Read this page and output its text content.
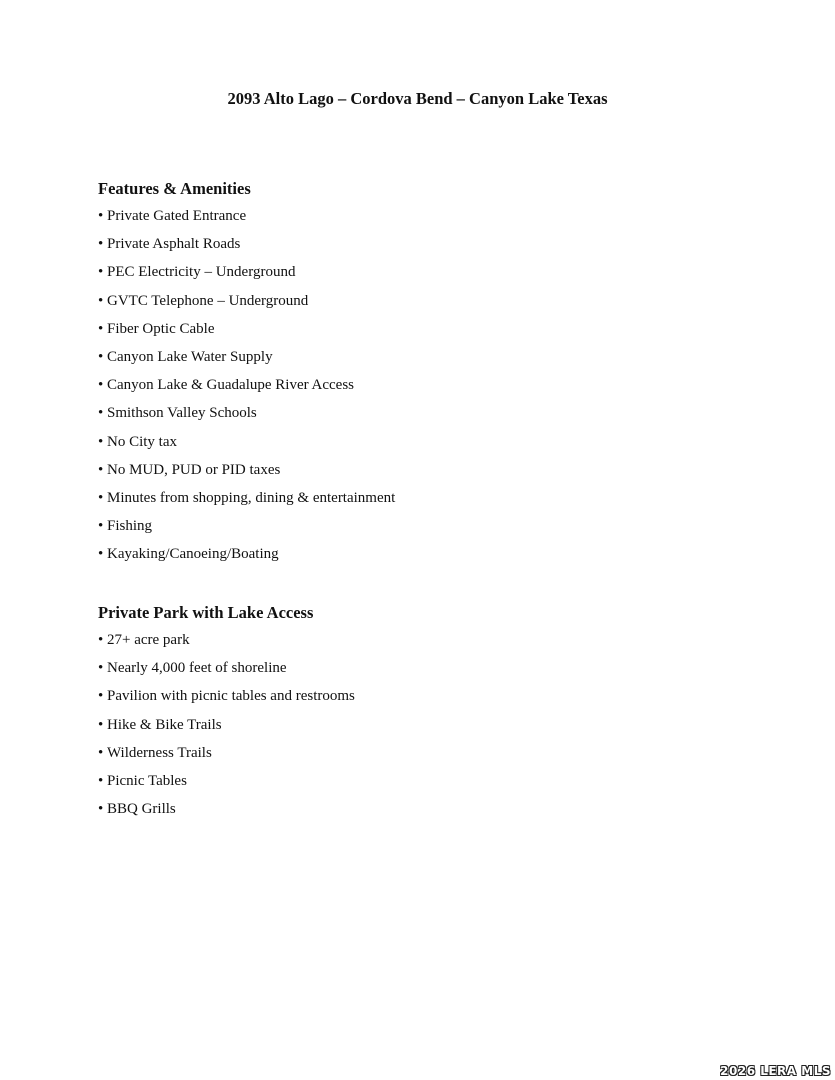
2093 Alto Lago – Cordova Bend – Canyon Lake Texas
Features & Amenities
• Private Gated Entrance
• Private Asphalt Roads
• PEC Electricity – Underground
• GVTC Telephone – Underground
• Fiber Optic Cable
• Canyon Lake Water Supply
• Canyon Lake & Guadalupe River Access
• Smithson Valley Schools
• No City tax
• No MUD, PUD or PID taxes
• Minutes from shopping, dining & entertainment
• Fishing
• Kayaking/Canoeing/Boating
Private Park with Lake Access
• 27+ acre park
• Nearly 4,000 feet of shoreline
• Pavilion with picnic tables and restrooms
• Hike & Bike Trails
• Wilderness Trails
• Picnic Tables
• BBQ Grills
2026 LERA MLS
